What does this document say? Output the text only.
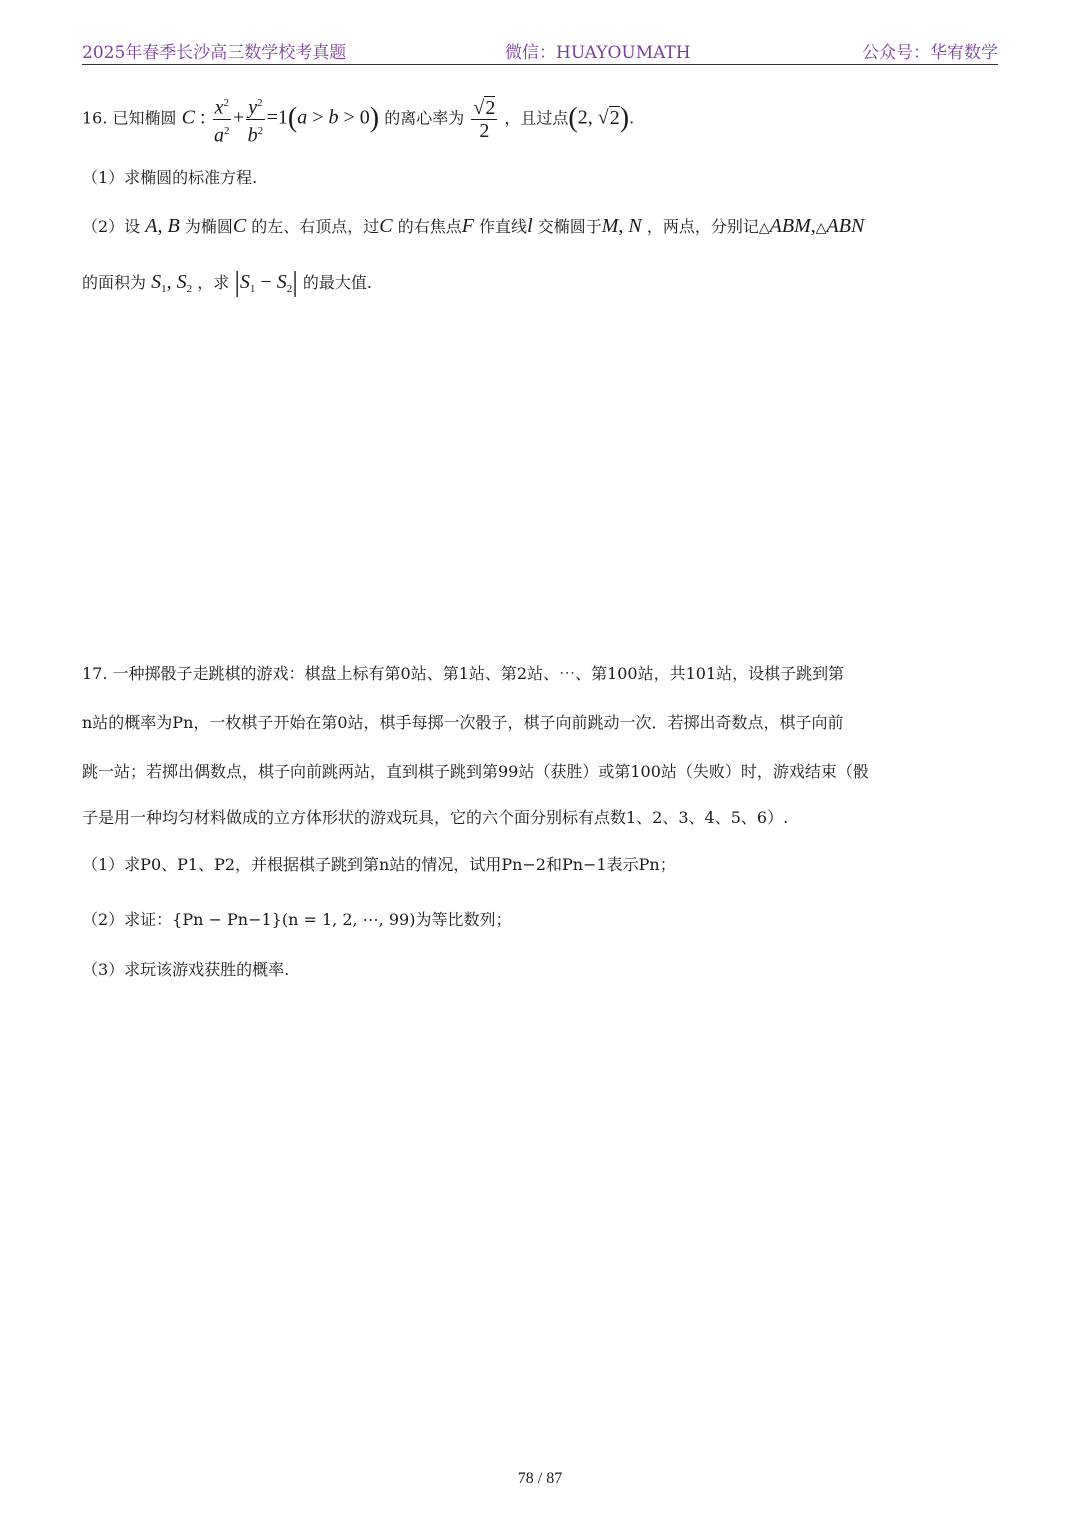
2025年春季长沙高三数学校考真题	微信：HUAYOUMATH	公众号：华宥数学
16. 已知椭圆 C : $\frac{x^2}{a^2} + \frac{y^2}{b^2} =1(a > b > 0)$ 的离心率为 $\frac{√2}{2}$ ，且过点(2, √2).
（1）求椭圆的标准方程.
（2）设 A, B 为椭圆C 的左、右顶点，过C 的右焦点F 作直线l 交椭圆于M, N ，两点，分别记△ABM,△ABN
的面积为 $S_1$, $S_2$ ，求 $|S_1 - S_2|$ 的最大值.
17. 一种掷骰子走跳棋的游戏：棋盘上标有第0站、第1站、第2站、⋯、第100站，共101站，设棋子跳到第
n站的概率为Pn，一枚棋子开始在第0站，棋手每掷一次骰子，棋子向前跳动一次．若掷出奇数点，棋子向前
跳一站；若掷出偶数点，棋子向前跳两站，直到棋子跳到第99站（获胜）或第100站（失败）时，游戏结束（骰
子是用一种均匀材料做成的立方体形状的游戏玩具，它的六个面分别标有点数1、2、3、4、5、6）.
（1）求P0、P1、P2，并根据棋子跳到第n站的情况，试用Pn−2和Pn−1表示Pn；
（2）求证：{Pn − Pn−1}(n = 1, 2, ⋯, 99)为等比数列；
（3）求玩该游戏获胜的概率.
78 / 87
